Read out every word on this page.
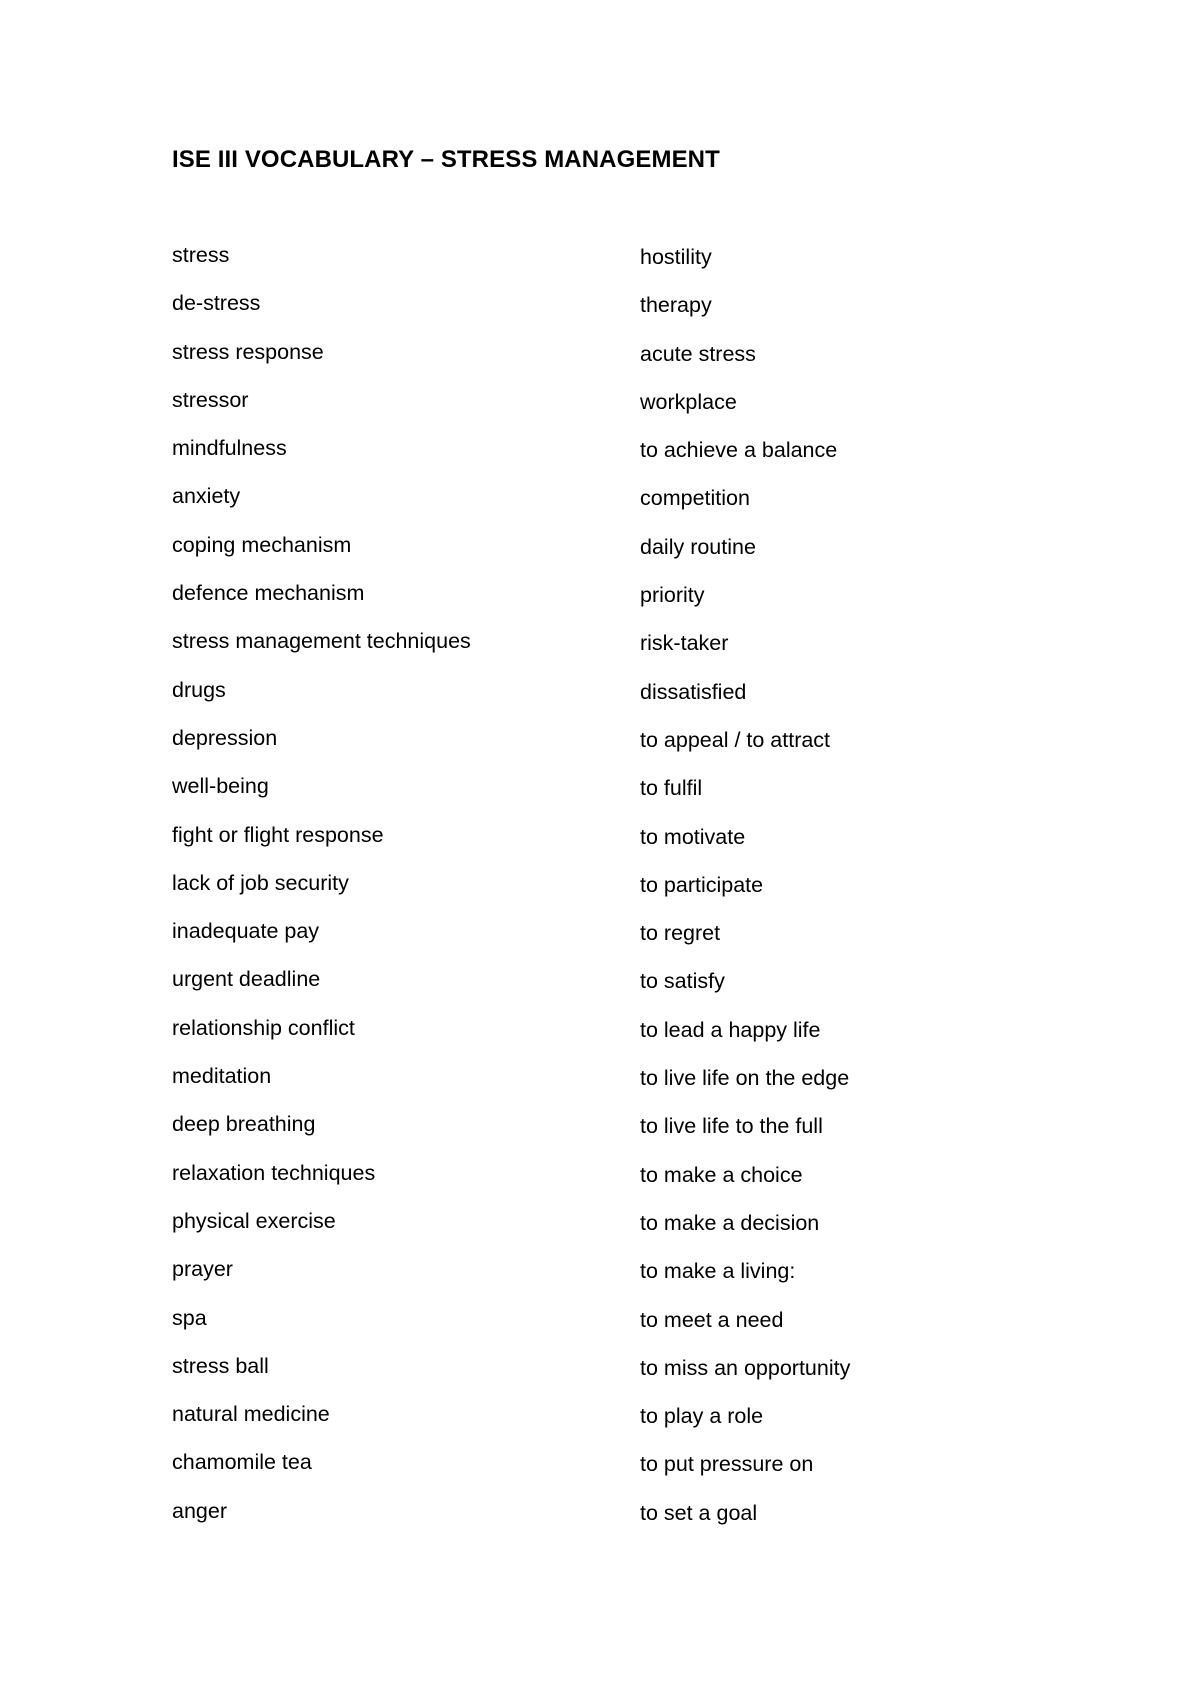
ISE III VOCABULARY – STRESS MANAGEMENT
stress
de-stress
stress response
stressor
mindfulness
anxiety
coping mechanism
defence mechanism
stress management techniques
drugs
depression
well-being
fight or flight response
lack of job security
inadequate pay
urgent deadline
relationship conflict
meditation
deep breathing
relaxation techniques
physical exercise
prayer
spa
stress ball
natural medicine
chamomile tea
anger
hostility
therapy
acute stress
workplace
to achieve a balance
competition
daily routine
priority
risk-taker
dissatisfied
to appeal / to attract
to fulfil
to motivate
to participate
to regret
to satisfy
to lead a happy life
to live life on the edge
to live life to the full
to make a choice
to make a decision
to make a living:
to meet a need
to miss an opportunity
to play a role
to put pressure on
to set a goal
